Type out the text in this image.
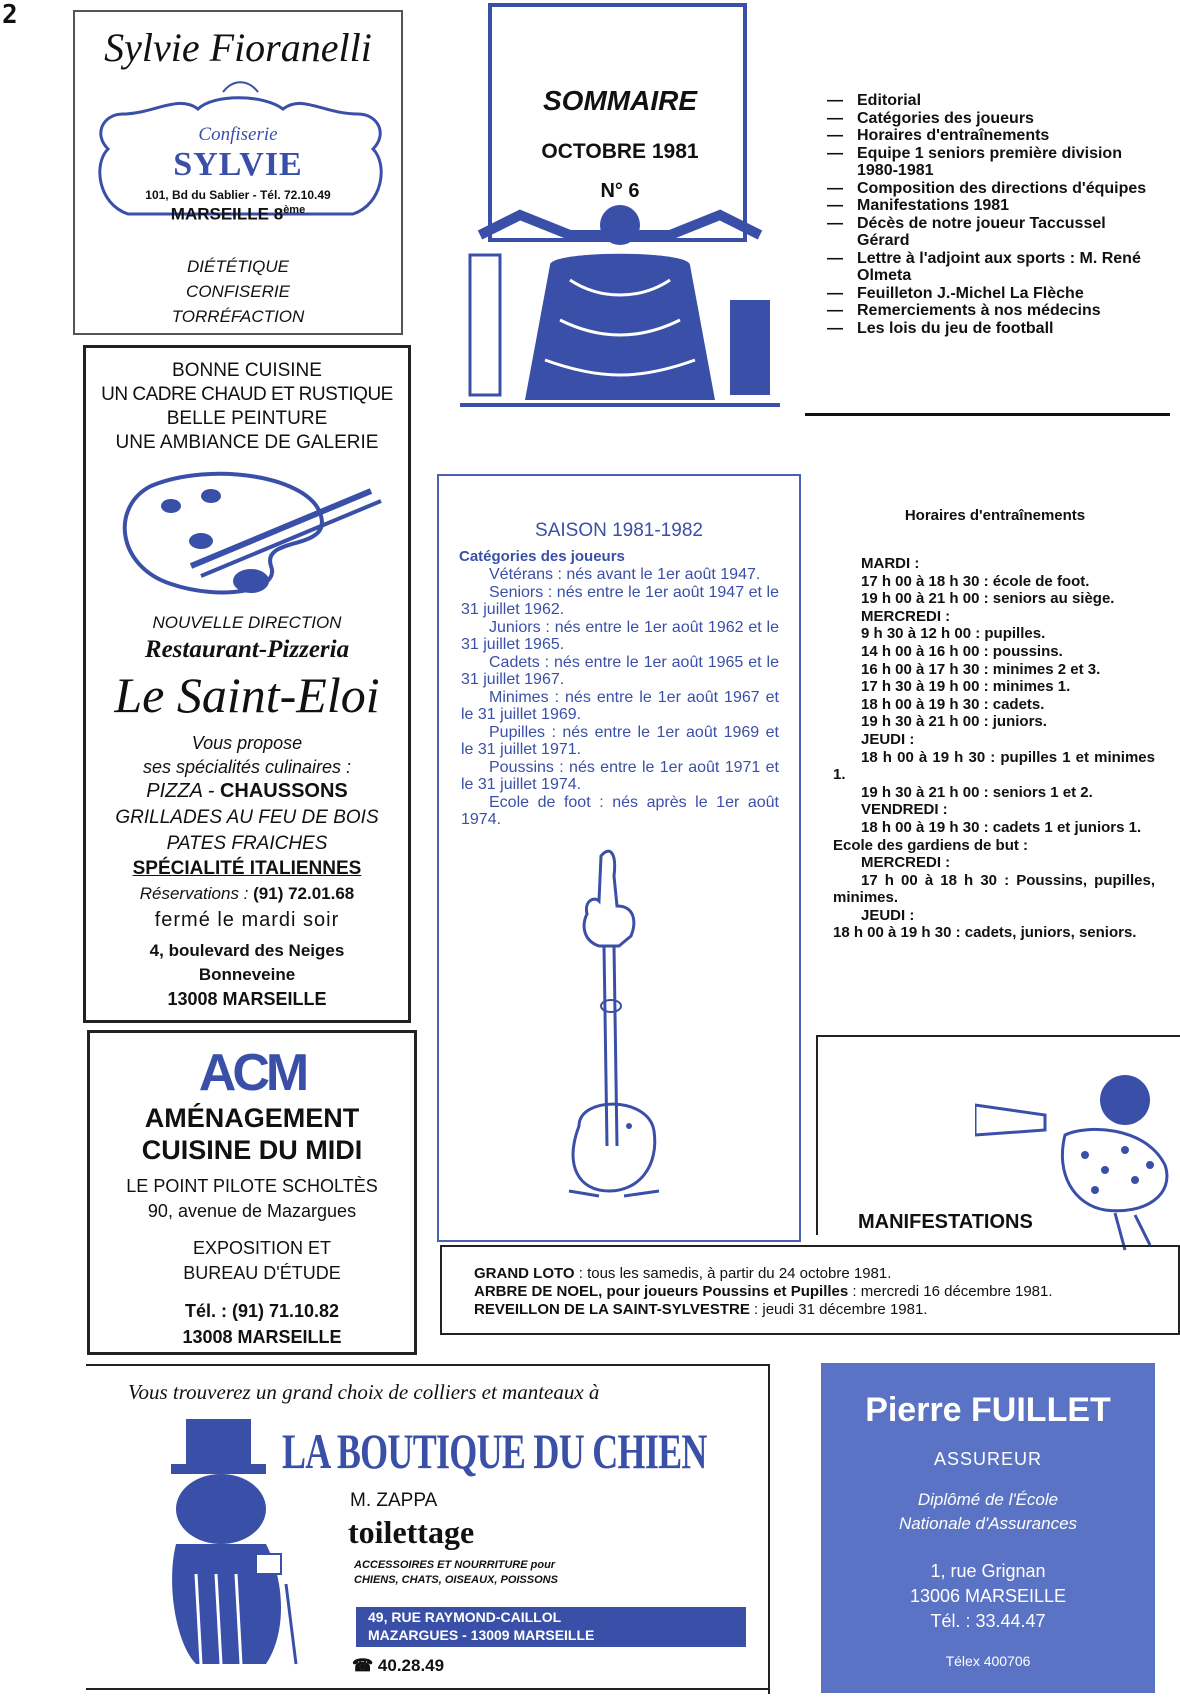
2
Sylvie Fioranelli
Confiserie
SYLVIE
101, Bd du Sablier - Tél. 72.10.49
MARSEILLE 8ème
DIÉTÉTIQUE
CONFISERIE
TORRÉFACTION
SOMMAIRE
OCTOBRE 1981
N° 6
— Editorial
— Catégories des joueurs
— Horaires d'entraînements
— Equipe 1 seniors première division 1980-1981
— Composition des directions d'équipes
— Manifestations 1981
— Décès de notre joueur Taccussel Gérard
— Lettre à l'adjoint aux sports : M. René Olmeta
— Feuilleton J.-Michel La Flèche
— Remerciements à nos médecins
— Les lois du jeu de football
BONNE CUISINE
UN CADRE CHAUD ET RUSTIQUE
BELLE PEINTURE
UNE AMBIANCE DE GALERIE
NOUVELLE DIRECTION
Restaurant-Pizzeria
Le Saint-Eloi
Vous propose
ses spécialités culinaires :
PIZZA - CHAUSSONS
GRILLADES AU FEU DE BOIS
PATES FRAICHES
SPÉCIALITÉ ITALIENNES
Réservations : (91) 72.01.68
fermé le mardi soir
4, boulevard des Neiges
Bonneveine
13008 MARSEILLE
SAISON 1981-1982
Catégories des joueurs

Vétérans : nés avant le 1er août 1947.

Seniors : nés entre le 1er août 1947 et le 31 juillet 1962.

Juniors : nés entre le 1er août 1962 et le 31 juillet 1965.

Cadets : nés entre le 1er août 1965 et le 31 juillet 1967.

Minimes : nés entre le 1er août 1967 et le 31 juillet 1969.

Pupilles : nés entre le 1er août 1969 et le 31 juillet 1971.

Poussins : nés entre le 1er août 1971 et le 31 juillet 1974.

Ecole de foot : nés après le 1er août 1974.

Horaires d'entraînements
MARDI :
17 h 00 à 18 h 30 : école de foot.
19 h 00 à 21 h 00 : seniors au siège.
MERCREDI :
9 h 30 à 12 h 00 : pupilles.
14 h 00 à 16 h 00 : poussins.
16 h 00 à 17 h 30 : minimes 2 et 3.
17 h 30 à 19 h 00 : minimes 1.
18 h 00 à 19 h 30 : cadets.
19 h 30 à 21 h 00 : juniors.
JEUDI :
18 h 00 à 19 h 30 : pupilles 1 et minimes 1.
19 h 30 à 21 h 00 : seniors 1 et 2.
VENDREDI :
18 h 00 à 19 h 30 : cadets 1 et juniors 1.
Ecole des gardiens de but :
MERCREDI :
17 h 00 à 18 h 30 : Poussins, pupilles, minimes.
JEUDI :
18 h 00 à 19 h 30 : cadets, juniors, seniors.
MANIFESTATIONS
GRAND LOTO : tous les samedis, à partir du 24 octobre 1981.
ARBRE DE NOEL, pour joueurs Poussins et Pupilles : mercredi 16 décembre 1981.
REVEILLON DE LA SAINT-SYLVESTRE : jeudi 31 décembre 1981.
ACM
AMÉNAGEMENT
CUISINE DU MIDI
LE POINT PILOTE SCHOLTÈS
90, avenue de Mazargues
EXPOSITION ET
BUREAU D'ÉTUDE
Tél. : (91) 71.10.82
13008 MARSEILLE
Vous trouverez un grand choix de colliers et manteaux à
LA BOUTIQUE DU CHIEN
M. ZAPPA
toilettage
ACCESSOIRES ET NOURRITURE pour
CHIENS, CHATS, OISEAUX, POISSONS
49, RUE RAYMOND-CAILLOL
MAZARGUES - 13009 MARSEILLE
☎ 40.28.49
Pierre FUILLET
ASSUREUR
Diplômé de l'École
Nationale d'Assurances
1, rue Grignan
13006 MARSEILLE
Tél. : 33.44.47
Télex 400706
